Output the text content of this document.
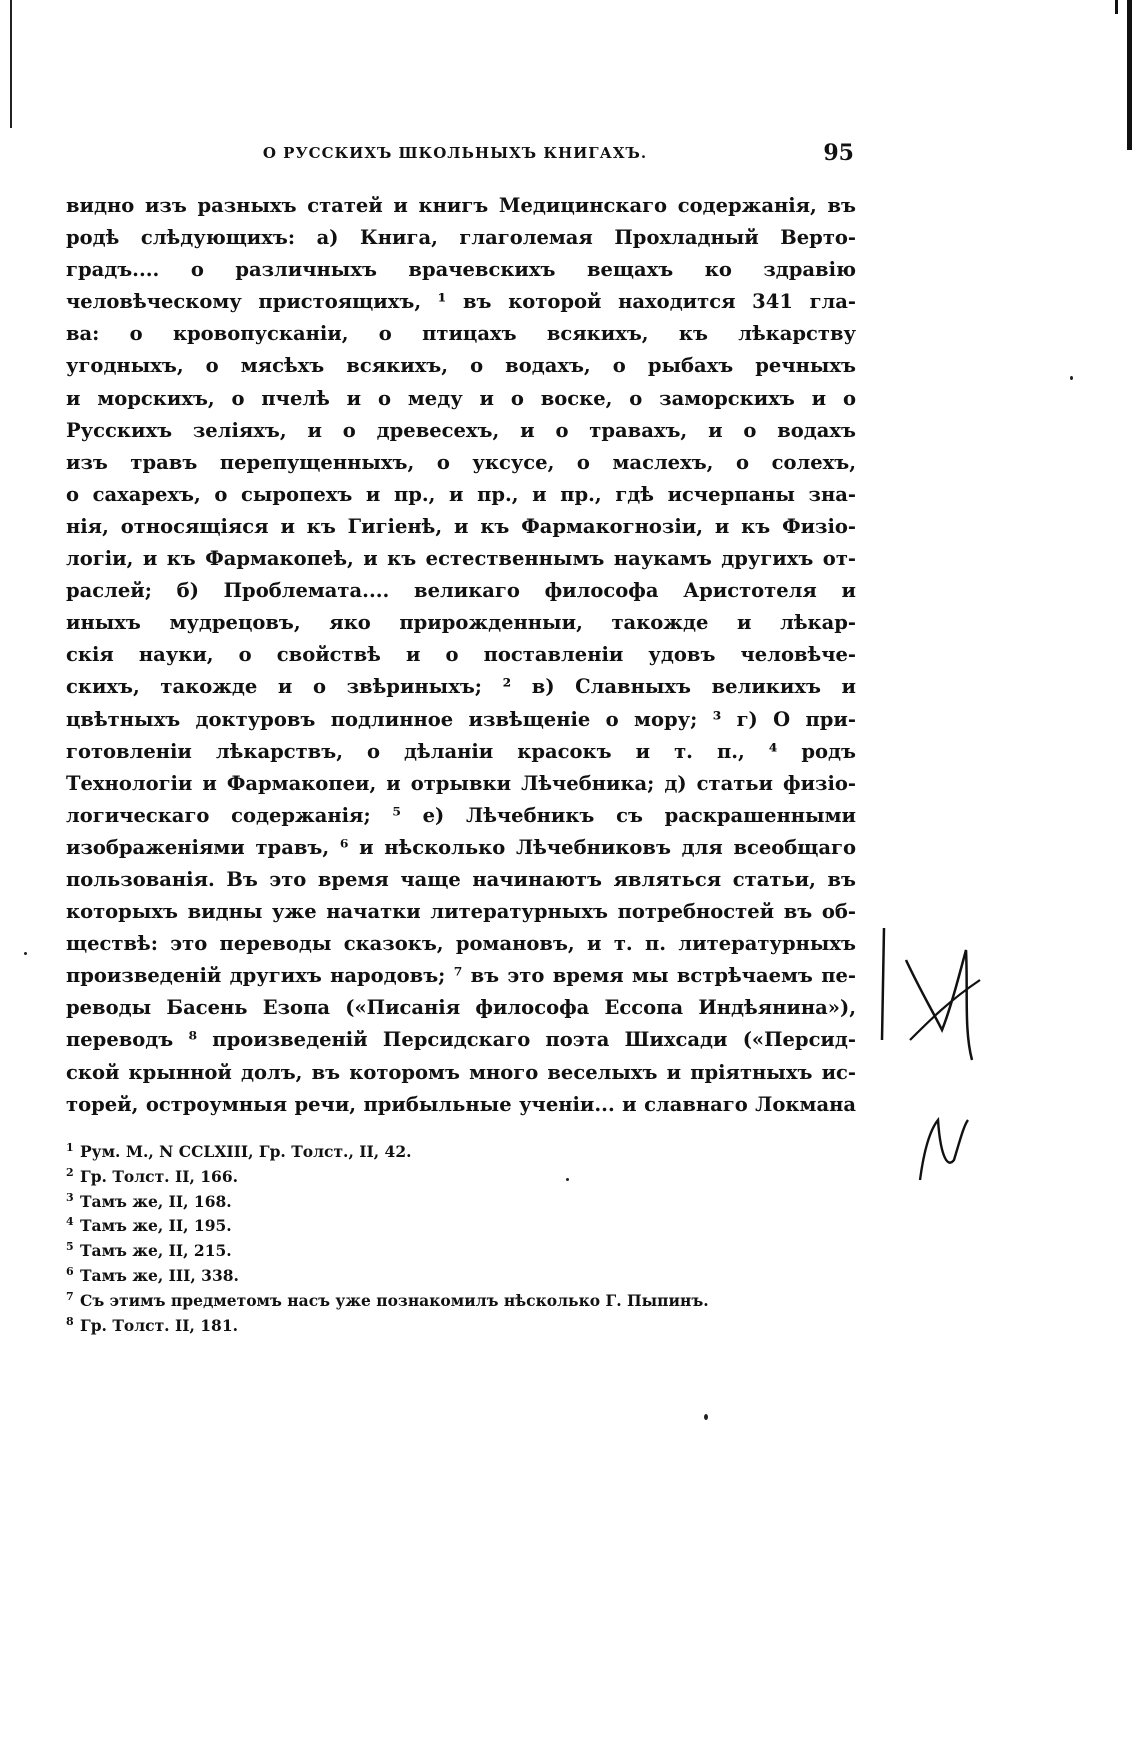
О РУССКИХЪ ШКОЛЬНЫХЪ КНИГАХЪ.	95
видно изъ разныхъ статей и книгъ Медицинскаго содержанія, въ
родѣ слѣдующихъ: а) Книга, глаголемая Прохладный Верто-
градъ.... о различныхъ врачевскихъ вещахъ ко здравію
человѣческому пристоящихъ, ¹ въ которой находится 341 гла-
ва: о кровопусканіи, о птицахъ всякихъ, къ лѣкарству
угодныхъ, о мясѣхъ всякихъ, о водахъ, о рыбахъ речныхъ
и морскихъ, о пчелѣ и о меду и о воске, о заморскихъ и о
Русскихъ зеліяхъ, и о древесехъ, и о травахъ, и о водахъ
изъ травъ перепущенныхъ, о уксусе, о маслехъ, о солехъ,
о сахарехъ, о сыропехъ и пр., и пр., и пр., гдѣ исчерпаны зна-
нія, относящіяся и къ Гигіенѣ, и къ Фармакогнозіи, и къ Физіо-
логіи, и къ Фармакопеѣ, и къ естественнымъ наукамъ другихъ от-
раслей; б) Проблемата.... великаго философа Аристотеля и
иныхъ мудрецовъ, яко прирожденныи, такожде и лѣкар-
скія науки, о свойствѣ и о поставленіи удовъ человѣче-
скихъ, такожде и о звѣриныхъ; ² в) Славныхъ великихъ и
цвѣтныхъ доктуровъ подлинное извѣщеніе о мору; ³ г) О при-
готовленіи лѣкарствъ, о дѣланіи красокъ и т. п., ⁴ родъ
Технологіи и Фармакопеи, и отрывки Лѣчебника; д) статьи физіо-
логическаго содержанія; ⁵ е) Лѣчебникъ съ раскрашенными
изображеніями травъ, ⁶ и нѣсколько Лѣчебниковъ для всеобщаго
пользованія. Въ это время чаще начинаютъ являться статьи, въ
которыхъ видны уже начатки литературныхъ потребностей въ об-
ществѣ: это переводы сказокъ, романовъ, и т. п. литературныхъ
произведеній другихъ народовъ; ⁷ въ это время мы встрѣчаемъ пе-
реводы Басень Езопа («Писанія философа Ессопа Индѣянина»),
переводъ ⁸ произведеній Персидскаго поэта Шихсади («Персид-
ской крынной долъ, въ которомъ много веселыхъ и пріятныхъ ис-
торей, остроумныя речи, прибыльные ученіи... и славнаго Локмана
1 Рум. М., N CCLXIII, Гр. Толст., II, 42.
2 Гр. Толст. II, 166.
3 Тамъ же, II, 168.
4 Тамъ же, II, 195.
5 Тамъ же, II, 215.
6 Тамъ же, III, 338.
7 Съ этимъ предметомъ насъ уже познакомилъ нѣсколько Г. Пыпинъ.
8 Гр. Толст. II, 181.
